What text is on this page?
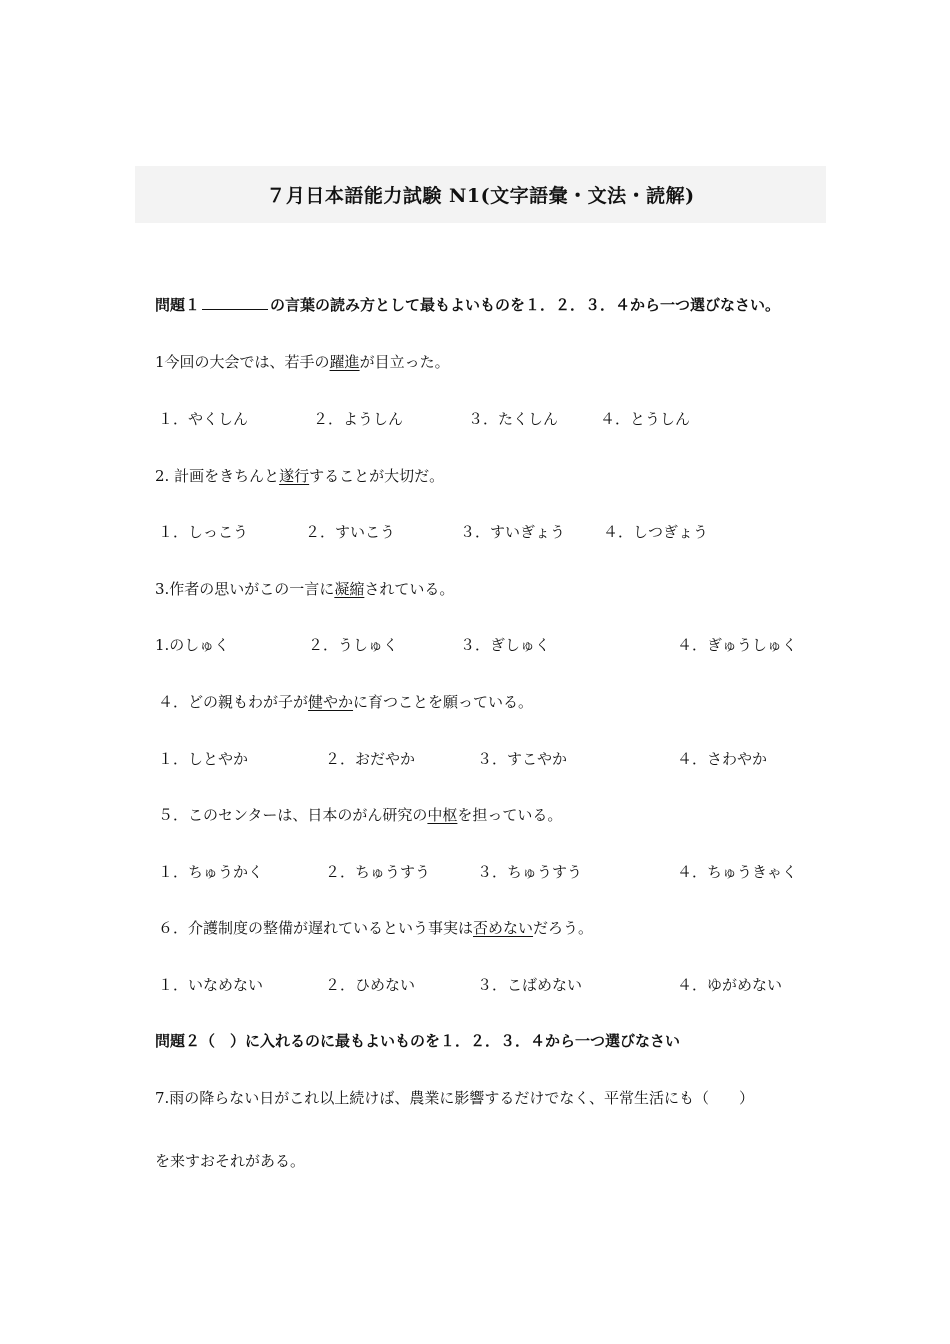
７月日本語能力試験 N1(文字語彙・文法・読解)
問題１	の言葉の読み方として最もよいものを１．２．３．４から一つ選びなさい。
1今回の大会では、若手の躍進が目立った。
１．やくしん	２．ようしん	３．たくしん	４．とうしん
2. 計画をきちんと遂行することが大切だ。
１．しっこう	２．すいこう	３．すいぎょう	４．しつぎょう
3.作者の思いがこの一言に凝縮されている。
1.のしゅく	２．うしゅく	３．ぎしゅく	４．ぎゅうしゅく
４．どの親もわが子が健やかに育つことを願っている。
１．しとやか	２．おだやか	３．すこやか	４．さわやか
５．このセンターは、日本のがん研究の中枢を担っている。
１．ちゅうかく	２．ちゅうすう	３．ちゅうすう	４．ちゅうきゃく
６．介護制度の整備が遅れているという事実は否めないだろう。
１．いなめない	２．ひめない	３．こばめない	４．ゆがめない
問題２（　）に入れるのに最もよいものを１．２．３．４から一つ選びなさい
7.雨の降らない日がこれ以上続けば、農業に影響するだけでなく、平常生活にも（　　）
を来すおそれがある。
